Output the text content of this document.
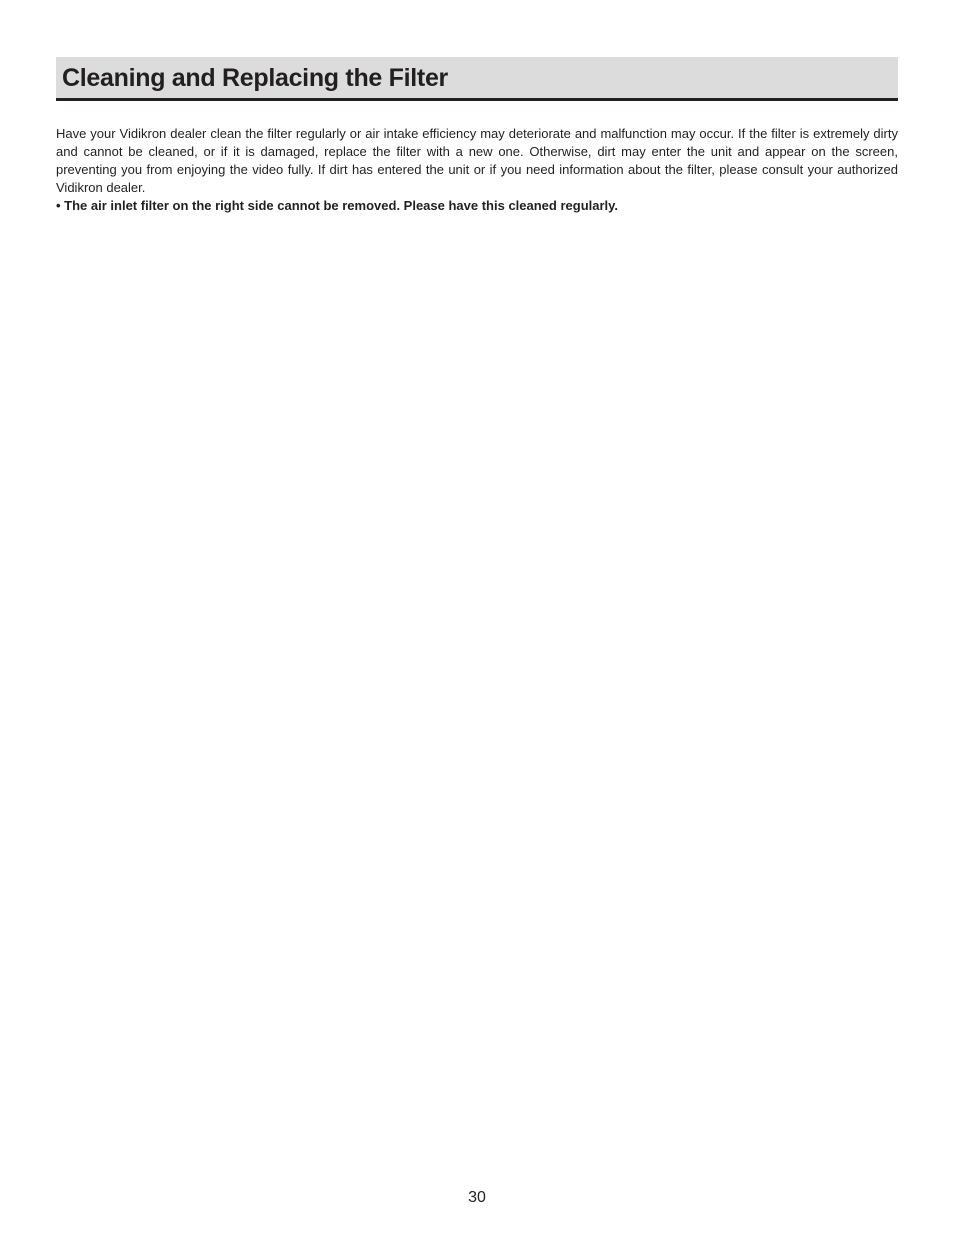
Cleaning and Replacing the Filter

Have your Vidikron dealer clean the filter regularly or air intake efficiency may deteriorate and malfunction may occur. If the filter is extremely dirty and cannot be cleaned, or if it is damaged, replace the filter with a new one. Otherwise, dirt may enter the unit and appear on the screen, preventing you from enjoying the video fully. If dirt has entered the unit or if you need information about the filter, please consult your authorized Vidikron dealer.

• The air inlet filter on the right side cannot be removed. Please have this cleaned regularly.

30
